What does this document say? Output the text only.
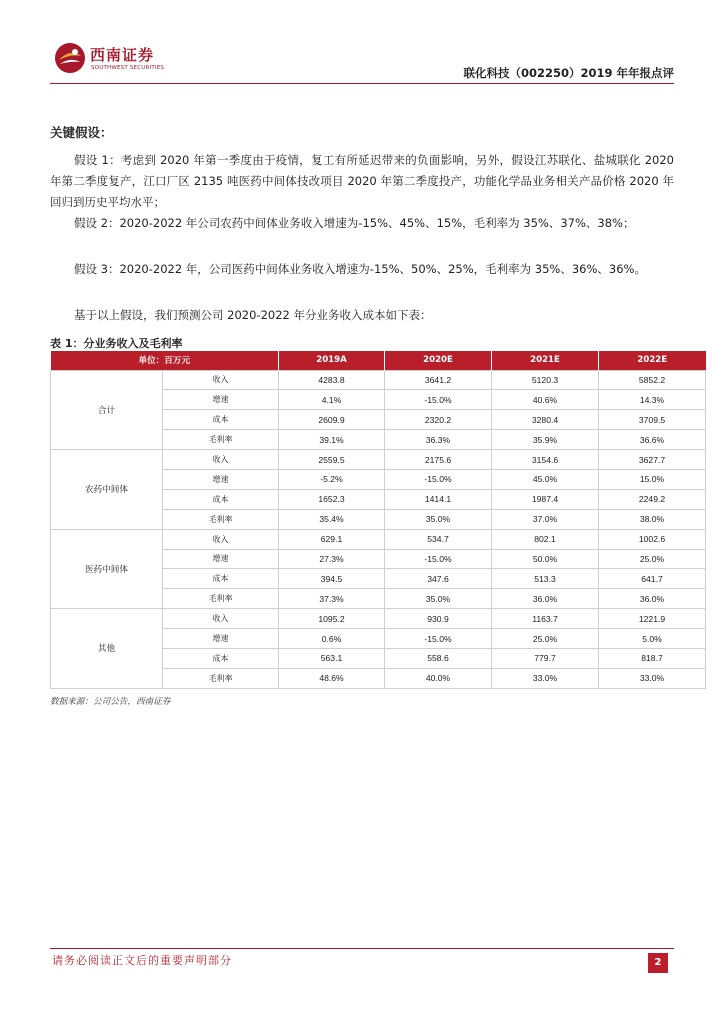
西南证券
SOUTHWEST SECURITIES	联化科技（002250）2019 年年报点评
关键假设：

假设 1：考虑到 2020 年第一季度由于疫情，复工有所延迟带来的负面影响，另外，假设江苏联化、盐城联化 2020 年第二季度复产，江口厂区 2135 吨医药中间体技改项目 2020 年第二季度投产，功能化学品业务相关产品价格 2020 年回归到历史平均水平；

假设 2：2020-2022 年公司农药中间体业务收入增速为-15%、45%、15%，毛利率为 35%、37%、38%；

假设 3：2020-2022 年，公司医药中间体业务收入增速为-15%、50%、25%，毛利率为 35%、36%、36%。

基于以上假设，我们预测公司 2020-2022 年分业务收入成本如下表：

表 1：分业务收入及毛利率
单位：百万元		2019A	2020E	2021E	2022E
合计	收入	4283.8	3641.2	5120.3	5852.2
	增速	4.1%	-15.0%	40.6%	14.3%
	成本	2609.9	2320.2	3280.4	3709.5
	毛利率	39.1%	36.3%	35.9%	36.6%
农药中间体	收入	2559.5	2175.6	3154.6	3627.7
	增速	-5.2%	-15.0%	45.0%	15.0%
	成本	1652.3	1414.1	1987.4	2249.2
	毛利率	35.4%	35.0%	37.0%	38.0%
医药中间体	收入	629.1	534.7	802.1	1002.6
	增速	27.3%	-15.0%	50.0%	25.0%
	成本	394.5	347.6	513.3	641.7
	毛利率	37.3%	35.0%	36.0%	36.0%
其他	收入	1095.2	930.9	1163.7	1221.9
	增速	0.6%	-15.0%	25.0%	5.0%
	成本	563.1	558.6	779.7	818.7
	毛利率	48.6%	40.0%	33.0%	33.0%
数据来源：公司公告，西南证券
请务必阅读正文后的重要声明部分	2
